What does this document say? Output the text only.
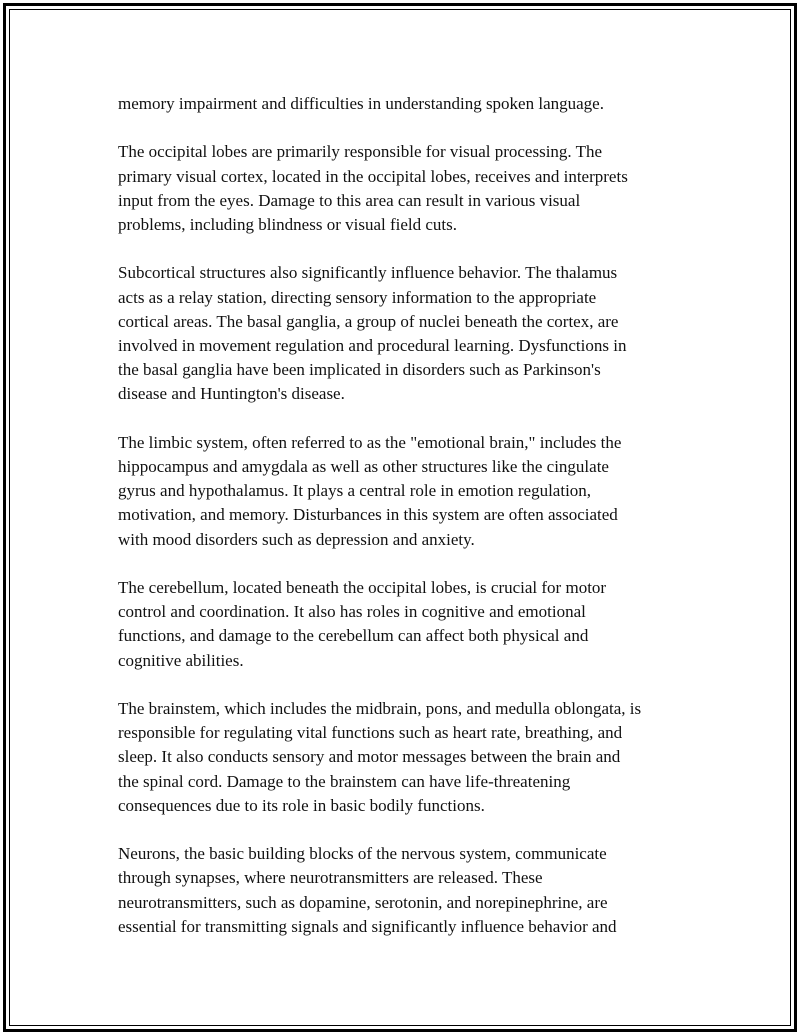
memory impairment and difficulties in understanding spoken language.

The occipital lobes are primarily responsible for visual processing. The
primary visual cortex, located in the occipital lobes, receives and interprets
input from the eyes. Damage to this area can result in various visual
problems, including blindness or visual field cuts.

Subcortical structures also significantly influence behavior. The thalamus
acts as a relay station, directing sensory information to the appropriate
cortical areas. The basal ganglia, a group of nuclei beneath the cortex, are
involved in movement regulation and procedural learning. Dysfunctions in
the basal ganglia have been implicated in disorders such as Parkinson's
disease and Huntington's disease.

The limbic system, often referred to as the "emotional brain," includes the
hippocampus and amygdala as well as other structures like the cingulate
gyrus and hypothalamus. It plays a central role in emotion regulation,
motivation, and memory. Disturbances in this system are often associated
with mood disorders such as depression and anxiety.

The cerebellum, located beneath the occipital lobes, is crucial for motor
control and coordination. It also has roles in cognitive and emotional
functions, and damage to the cerebellum can affect both physical and
cognitive abilities.

The brainstem, which includes the midbrain, pons, and medulla oblongata, is
responsible for regulating vital functions such as heart rate, breathing, and
sleep. It also conducts sensory and motor messages between the brain and
the spinal cord. Damage to the brainstem can have life-threatening
consequences due to its role in basic bodily functions.

Neurons, the basic building blocks of the nervous system, communicate
through synapses, where neurotransmitters are released. These
neurotransmitters, such as dopamine, serotonin, and norepinephrine, are
essential for transmitting signals and significantly influence behavior and
